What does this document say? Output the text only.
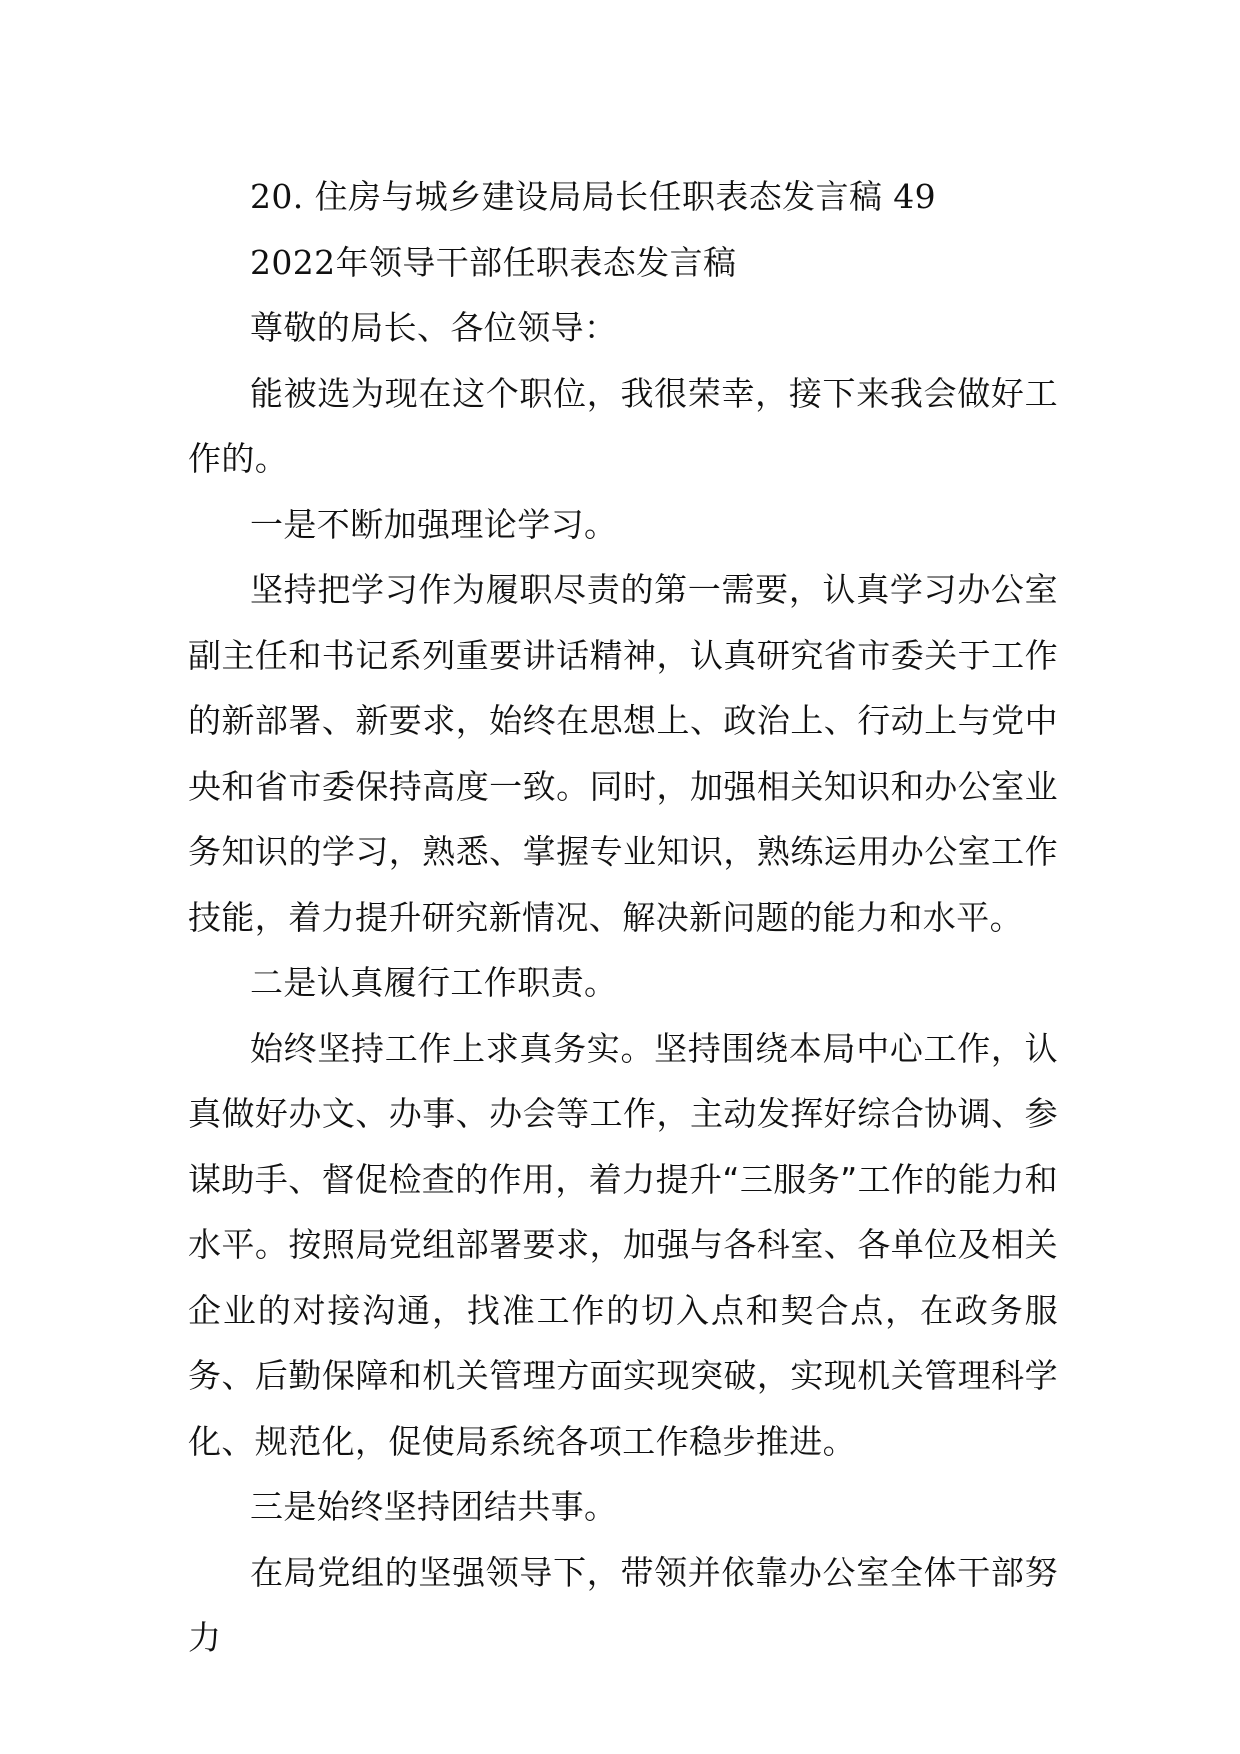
20. 住房与城乡建设局局长任职表态发言稿 49

2022年领导干部任职表态发言稿

尊敬的局长、各位领导：

能被选为现在这个职位，我很荣幸，接下来我会做好工作的。

一是不断加强理论学习。

坚持把学习作为履职尽责的第一需要，认真学习办公室副主任和书记系列重要讲话精神，认真研究省市委关于工作的新部署、新要求，始终在思想上、政治上、行动上与党中央和省市委保持高度一致。同时，加强相关知识和办公室业务知识的学习，熟悉、掌握专业知识，熟练运用办公室工作技能，着力提升研究新情况、解决新问题的能力和水平。

二是认真履行工作职责。

始终坚持工作上求真务实。坚持围绕本局中心工作，认真做好办文、办事、办会等工作，主动发挥好综合协调、参谋助手、督促检查的作用，着力提升“三服务”工作的能力和水平。按照局党组部署要求，加强与各科室、各单位及相关企业的对接沟通，找准工作的切入点和契合点，在政务服务、后勤保障和机关管理方面实现突破，实现机关管理科学化、规范化，促使局系统各项工作稳步推进。

三是始终坚持团结共事。

在局党组的坚强领导下，带领并依靠办公室全体干部努力
